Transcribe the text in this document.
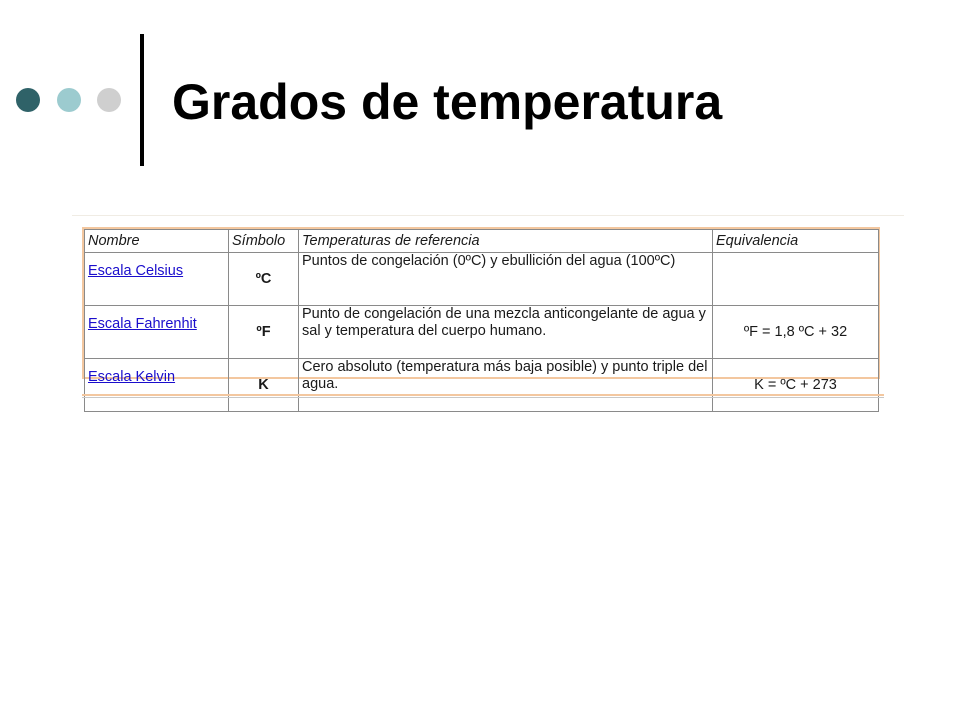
Grados de temperatura
Nombre	Símbolo	Temperaturas de referencia	Equivalencia
Escala Celsius	ºC	Puntos de congelación (0ºC) y ebullición del agua (100ºC)	
Escala Fahrenhit	ºF	Punto de congelación de una mezcla anticongelante de agua y sal y temperatura del cuerpo humano.	ºF = 1,8 ºC + 32
Escala Kelvin	K	Cero absoluto (temperatura más baja posible) y punto triple del agua.	K = ºC + 273
